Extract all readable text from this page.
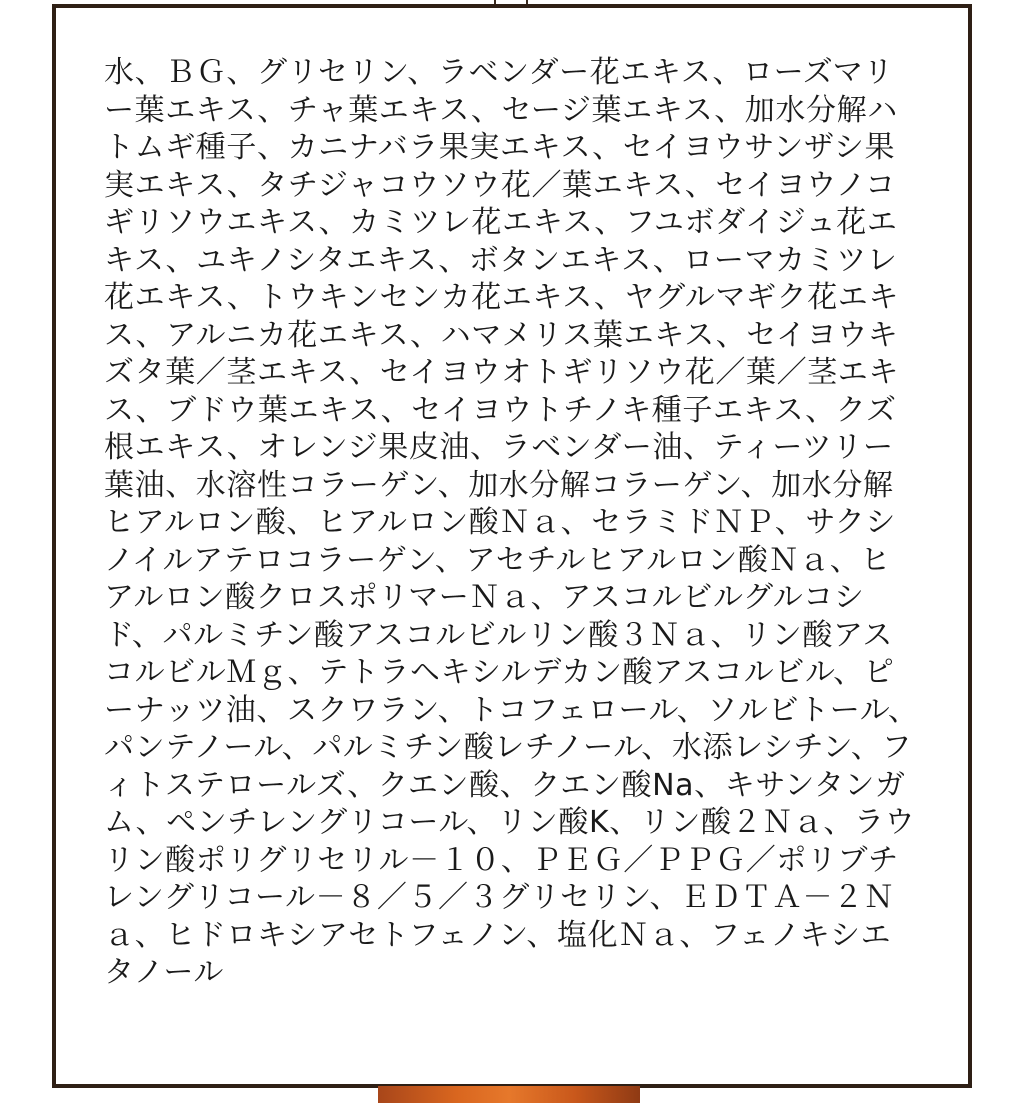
水、ＢＧ、グリセリン、ラベンダー花エキス、ローズマリー葉エキス、チャ葉エキス、セージ葉エキス、加水分解ハトムギ種子、カニナバラ果実エキス、セイヨウサンザシ果実エキス、タチジャコウソウ花／葉エキス、セイヨウノコギリソウエキス、カミツレ花エキス、フユボダイジュ花エキス、ユキノシタエキス、ボタンエキス、ローマカミツレ花エキス、トウキンセンカ花エキス、ヤグルマギク花エキス、アルニカ花エキス、ハマメリス葉エキス、セイヨウキズタ葉／茎エキス、セイヨウオトギリソウ花／葉／茎エキス、ブドウ葉エキス、セイヨウトチノキ種子エキス、クズ根エキス、オレンジ果皮油、ラベンダー油、ティーツリー葉油、水溶性コラーゲン、加水分解コラーゲン、加水分解ヒアルロン酸、ヒアルロン酸Ｎａ、セラミドＮＰ、サクシノイルアテロコラーゲン、アセチルヒアルロン酸Ｎａ、ヒアルロン酸クロスポリマーＮａ、アスコルビルグルコシド、パルミチン酸アスコルビルリン酸３Ｎａ、リン酸アスコルビルＭｇ、テトラヘキシルデカン酸アスコルビル、ピーナッツ油、スクワラン、トコフェロール、ソルビトール、パンテノール、パルミチン酸レチノール、水添レシチン、フィトステロールズ、クエン酸、クエン酸Na、キサンタンガム、ペンチレングリコール、リン酸K、リン酸２Ｎａ、ラウリン酸ポリグリセリル－１０、ＰＥＧ／ＰＰＧ／ポリブチレングリコール－８／５／３グリセリン、ＥＤＴＡ－２Ｎａ、ヒドロキシアセトフェノン、塩化Ｎａ、フェノキシエタノール
